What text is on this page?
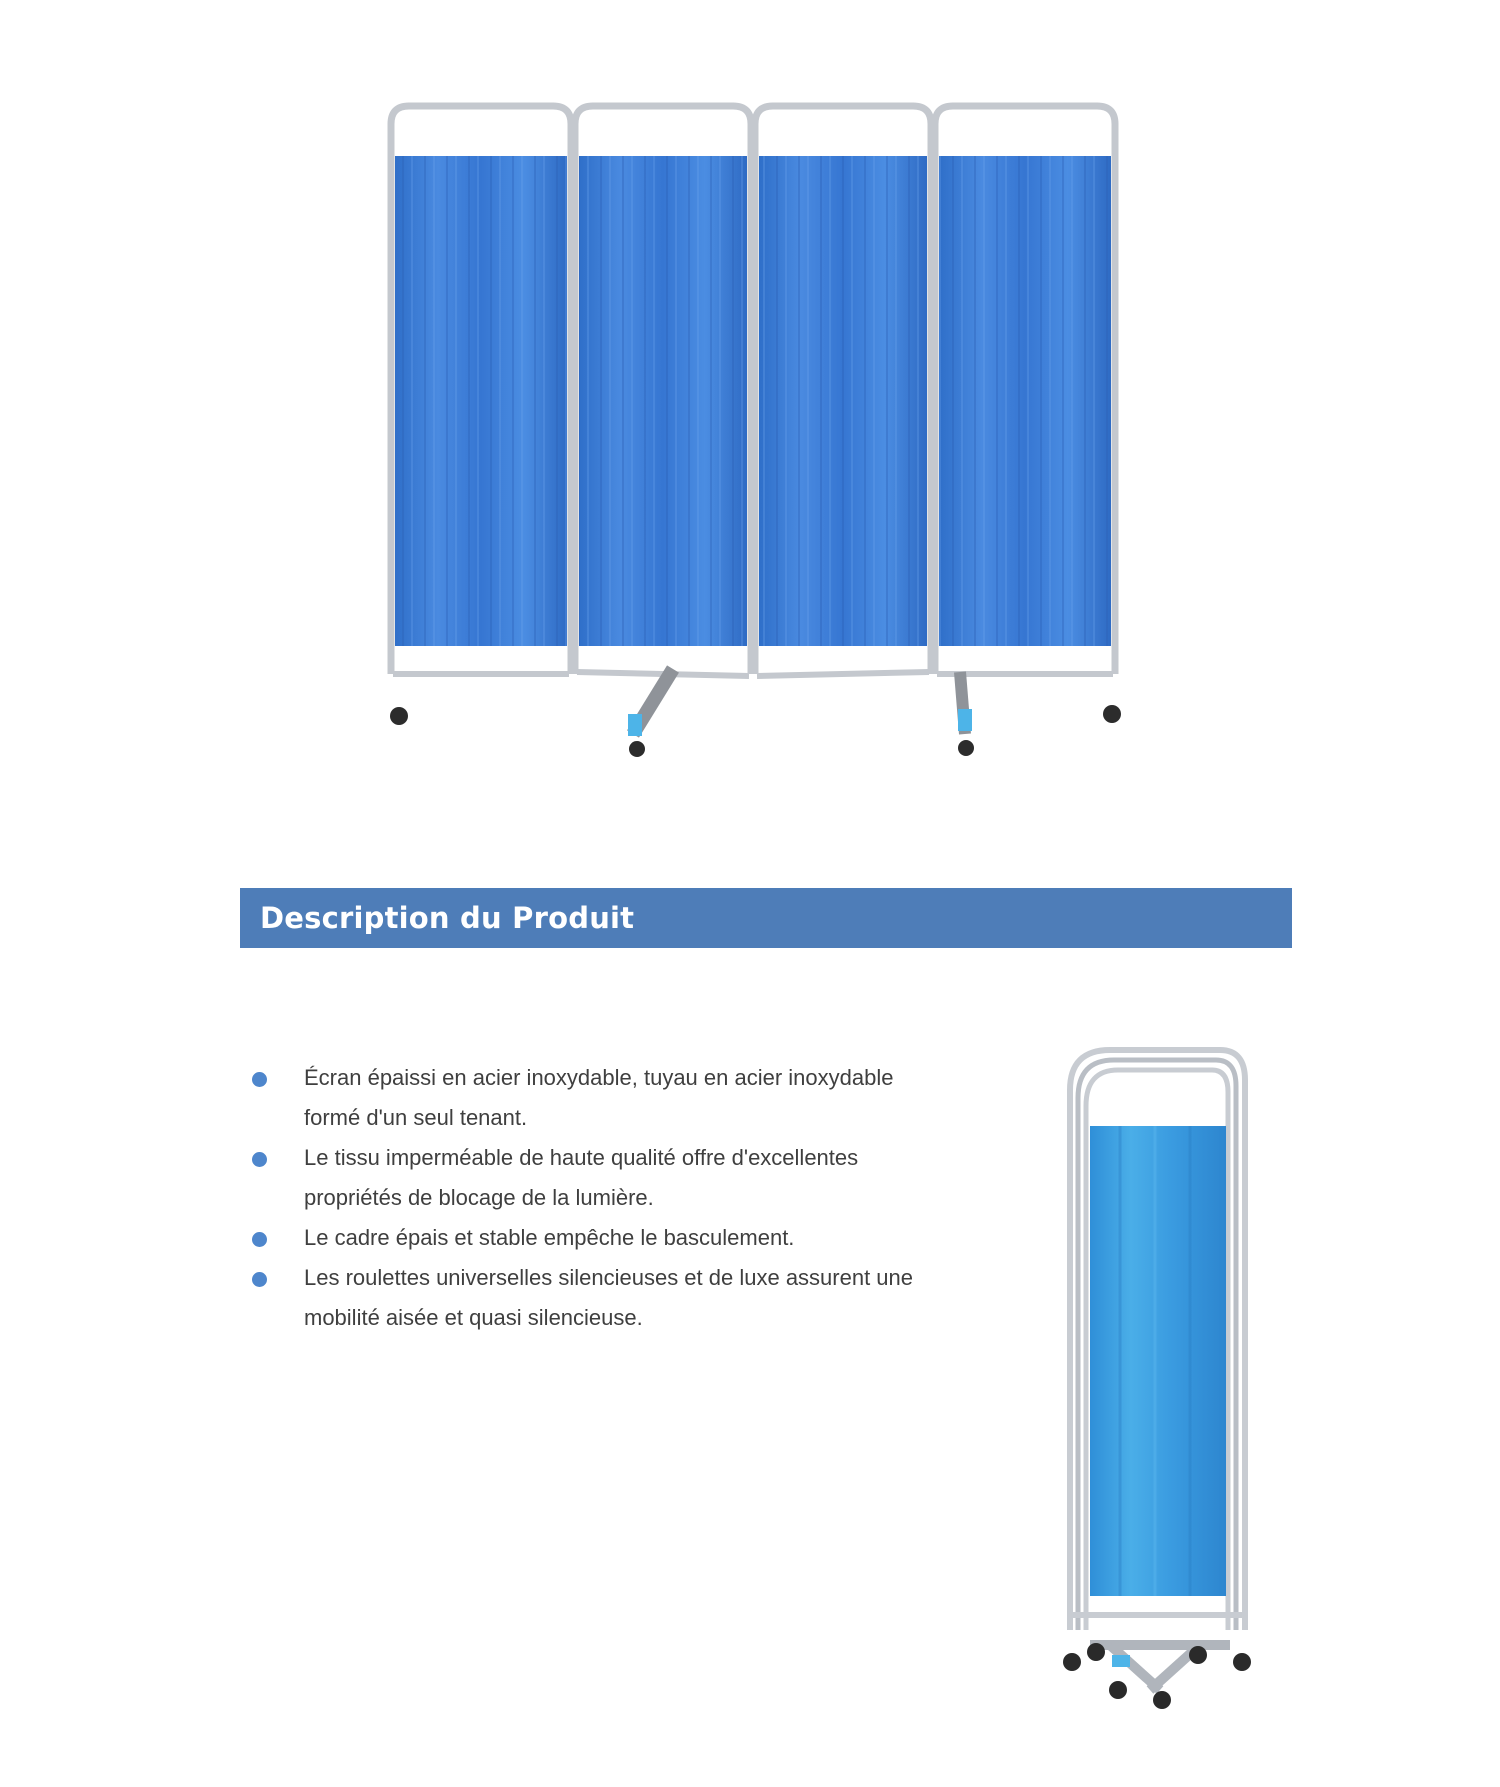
Description du Produit
Écran épaissi en acier inoxydable, tuyau en acier inoxydable formé d'un seul tenant.
Le tissu imperméable de haute qualité offre d'excellentes propriétés de blocage de la lumière.
Le cadre épais et stable empêche le basculement.
Les roulettes universelles silencieuses et de luxe assurent une mobilité aisée et quasi silencieuse.
